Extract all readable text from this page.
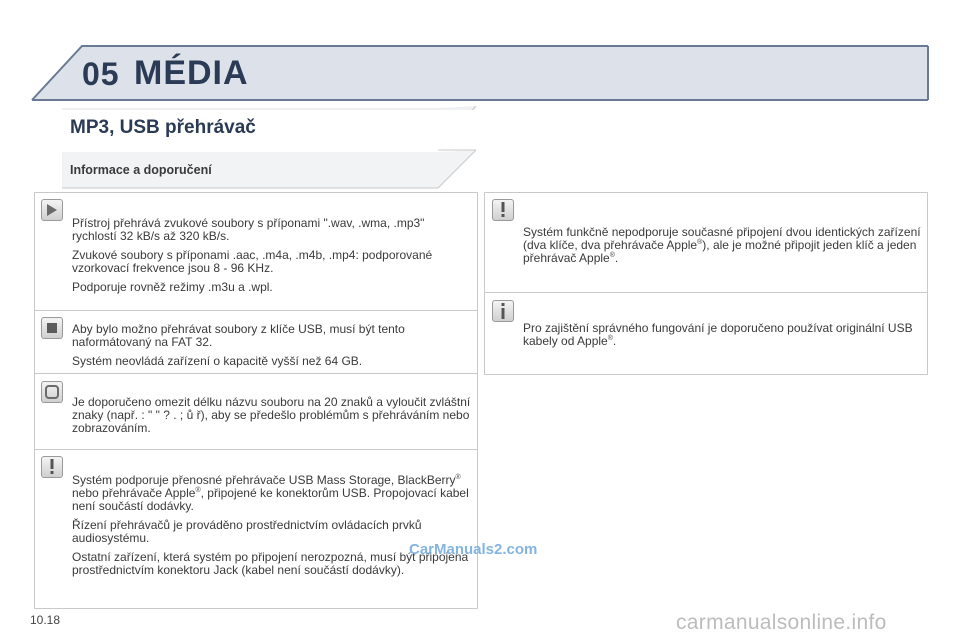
05 MÉDIA
MP3, USB přehrávač
Informace a doporučení

Přístroj přehrává zvukové soubory s příponami ".wav, .wma, .mp3" rychlostí 32 kB/s až 320 kB/s.

Zvukové soubory s příponami .aac, .m4a, .m4b, .mp4: podporované vzorkovací frekvence jsou 8 - 96 KHz.

Podporuje rovněž režimy .m3u a .wpl.

Aby bylo možno přehrávat soubory z klíče USB, musí být tento naformátovaný na FAT 32.

Systém neovládá zařízení o kapacitě vyšší než 64 GB.

Je doporučeno omezit délku názvu souboru na 20 znaků a vyloučit zvláštní znaky (např. : " " ? . ; ů ř), aby se předešlo problémům s přehráváním nebo zobrazováním.

Systém podporuje přenosné přehrávače USB Mass Storage, BlackBerry® nebo přehrávače Apple®, připojené ke konektorům USB. Propojovací kabel není součástí dodávky.

Řízení přehrávačů je prováděno prostřednictvím ovládacích prvků audiosystému.

Ostatní zařízení, která systém po připojení nerozpozná, musí být připojena prostřednictvím konektoru Jack (kabel není součástí dodávky).

Systém funkčně nepodporuje současné připojení dvou identických zařízení (dva klíče, dva přehrávače Apple®), ale je možné připojit jeden klíč a jeden přehrávač Apple®.

Pro zajištění správného fungování je doporučeno používat originální USB kabely od Apple®.

10.18
CarManuals2.com
carmanualsonline.info
